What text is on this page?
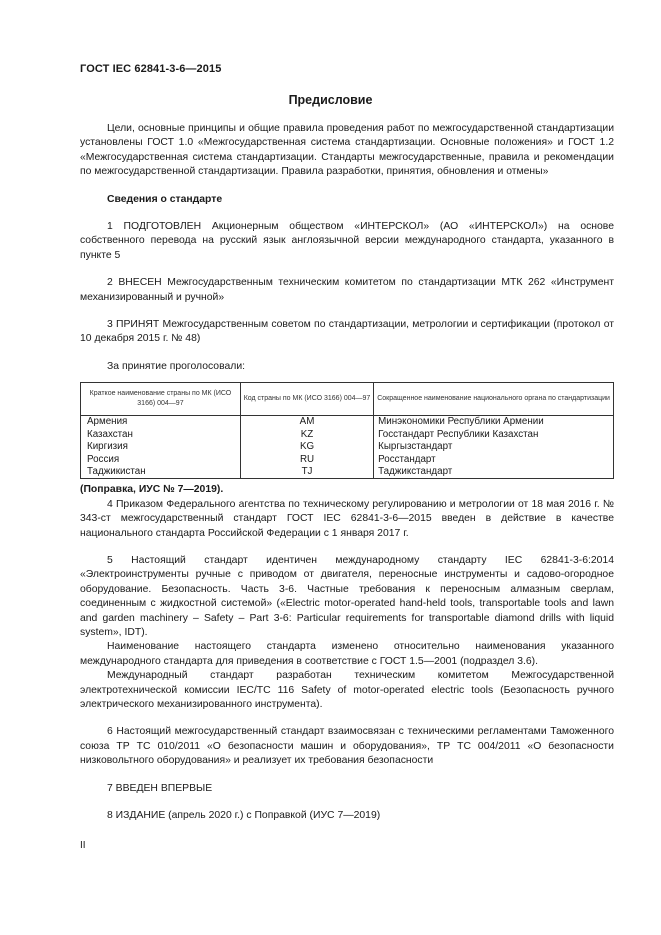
ГОСТ IEC 62841-3-6—2015
Предисловие

Цели, основные принципы и общие правила проведения работ по межгосударственной стандартизации установлены ГОСТ 1.0 «Межгосударственная система стандартизации. Основные положения» и ГОСТ 1.2 «Межгосударственная система стандартизации. Стандарты межгосударственные, правила и рекомендации по межгосударственной стандартизации. Правила разработки, принятия, обновления и отмены»

Сведения о стандарте

1 ПОДГОТОВЛЕН Акционерным обществом «ИНТЕРСКОЛ» (АО «ИНТЕРСКОЛ») на основе собственного перевода на русский язык англоязычной версии международного стандарта, указанного в пункте 5

2 ВНЕСЕН Межгосударственным техническим комитетом по стандартизации МТК 262 «Инструмент механизированный и ручной»

3 ПРИНЯТ Межгосударственным советом по стандартизации, метрологии и сертификации (протокол от 10 декабря 2015 г. № 48)

За принятие проголосовали:

Краткое наименование страны по МК (ИСО 3166) 004—97	Код страны по МК (ИСО 3166) 004—97	Сокращенное наименование национального органа по стандартизации
Армения	AM	Минэкономики Республики Армении
Казахстан	KZ	Госстандарт Республики Казахстан
Киргизия	KG	Кыргызстандарт
Россия	RU	Росстандарт
Таджикистан	TJ	Таджикстандарт
(Поправка, ИУС № 7—2019).

4 Приказом Федерального агентства по техническому регулированию и метрологии от 18 мая 2016 г. № 343-ст межгосударственный стандарт ГОСТ IEC 62841-3-6—2015 введен в действие в качестве национального стандарта Российской Федерации с 1 января 2017 г.

5 Настоящий стандарт идентичен международному стандарту IEC 62841-3-6:2014 «Электроинструменты ручные с приводом от двигателя, переносные инструменты и садово-огородное оборудование. Безопасность. Часть 3-6. Частные требования к переносным алмазным сверлам, соединенным с жидкостной системой» («Electric motor-operated hand-held tools, transportable tools and lawn and garden machinery – Safety – Part 3-6: Particular requirements for transportable diamond drills with liquid system», IDT).

Наименование настоящего стандарта изменено относительно наименования указанного международного стандарта для приведения в соответствие с ГОСТ 1.5—2001 (подраздел 3.6).

Международный стандарт разработан техническим комитетом Межгосударственной электротехнической комиссии IEC/TC 116 Safety of motor-operated electric tools (Безопасность ручного электрического механизированного инструмента).

6 Настоящий межгосударственный стандарт взаимосвязан с техническими регламентами Таможенного союза ТР ТС 010/2011 «О безопасности машин и оборудования», ТР ТС 004/2011 «О безопасности низковольтного оборудования» и реализует их требования безопасности

7 ВВЕДЕН ВПЕРВЫЕ

8 ИЗДАНИЕ (апрель 2020 г.) с Поправкой (ИУС 7—2019)

II
